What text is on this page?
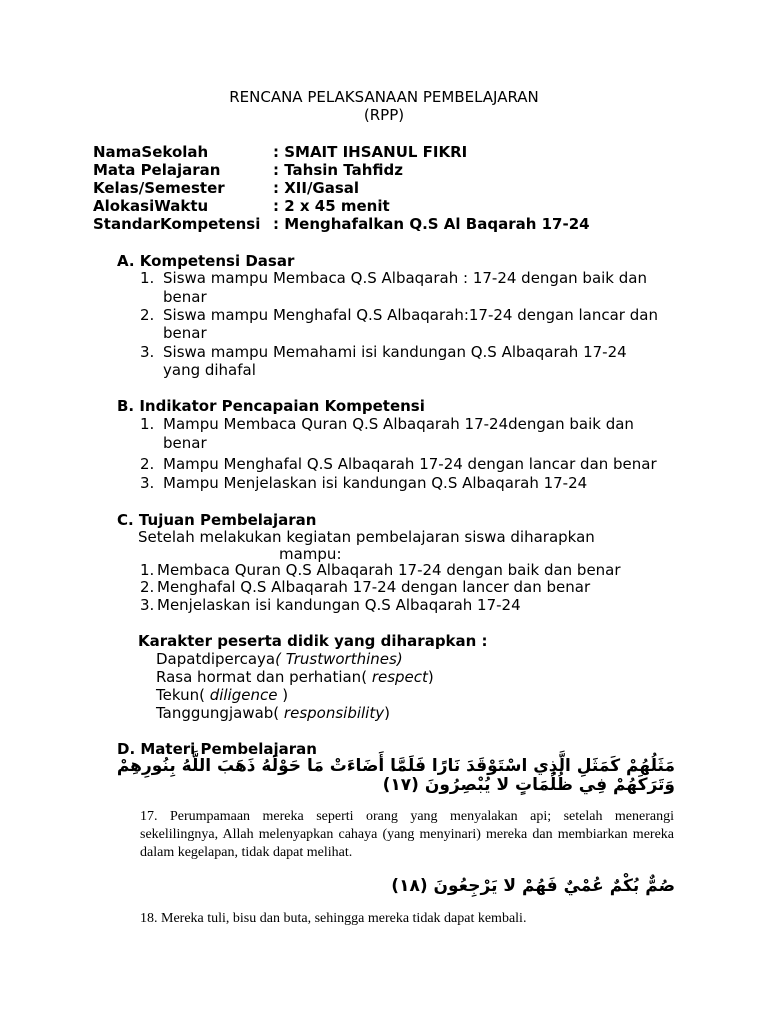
RENCANA PELAKSANAAN PEMBELAJARAN
(RPP)
NamaSekolah	: SMAIT IHSANUL FIKRI
Mata Pelajaran	: Tahsin Tahfidz
Kelas/Semester	: XII/Gasal
AlokasiWaktu	: 2 x 45 menit
StandarKompetensi : Menghafalkan Q.S Al Baqarah 17-24
A. Kompetensi Dasar
1. Siswa mampu Membaca Q.S Albaqarah : 17-24 dengan baik dan
benar
2. Siswa mampu Menghafal Q.S Albaqarah:17-24 dengan lancar dan
benar
3. Siswa mampu Memahami isi kandungan Q.S Albaqarah 17-24
yang dihafal
B. Indikator Pencapaian Kompetensi
1. Mampu Membaca Quran Q.S Albaqarah 17-24dengan baik dan
benar
2. Mampu Menghafal Q.S Albaqarah 17-24 dengan lancar dan benar
3. Mampu Menjelaskan isi kandungan Q.S Albaqarah 17-24
C. Tujuan Pembelajaran
Setelah melakukan kegiatan pembelajaran siswa diharapkan
mampu:
1. Membaca Quran Q.S Albaqarah 17-24 dengan baik dan benar
2. Menghafal Q.S Albaqarah 17-24 dengan lancer dan benar
3. Menjelaskan isi kandungan Q.S Albaqarah 17-24
Karakter peserta didik yang diharapkan :
Dapatdipercaya( Trustworthines)
Rasa hormat dan perhatian( respect)
Tekun( diligence )
Tanggungjawab( responsibility)
D. Materi Pembelajaran
مَثَلُهُمْ كَمَثَلِ الَّذِي اسْتَوْقَدَ نَارًا فَلَمَّا أَضَاءَتْ مَا حَوْلَهُ ذَهَبَ اللَّهُ بِنُورِهِمْ
وَتَرَكَهُمْ فِي ظُلُمَاتٍ لا يُبْصِرُونَ (١٧)
17. Perumpamaan mereka seperti orang yang menyalakan api; setelah menerangi sekelilingnya, Allah melenyapkan cahaya (yang menyinari) mereka dan membiarkan mereka dalam kegelapan, tidak dapat melihat.
صُمٌّ بُكْمٌ عُمْيٌ فَهُمْ لا يَرْجِعُونَ (١٨)
18. Mereka tuli, bisu dan buta, sehingga mereka tidak dapat kembali.
